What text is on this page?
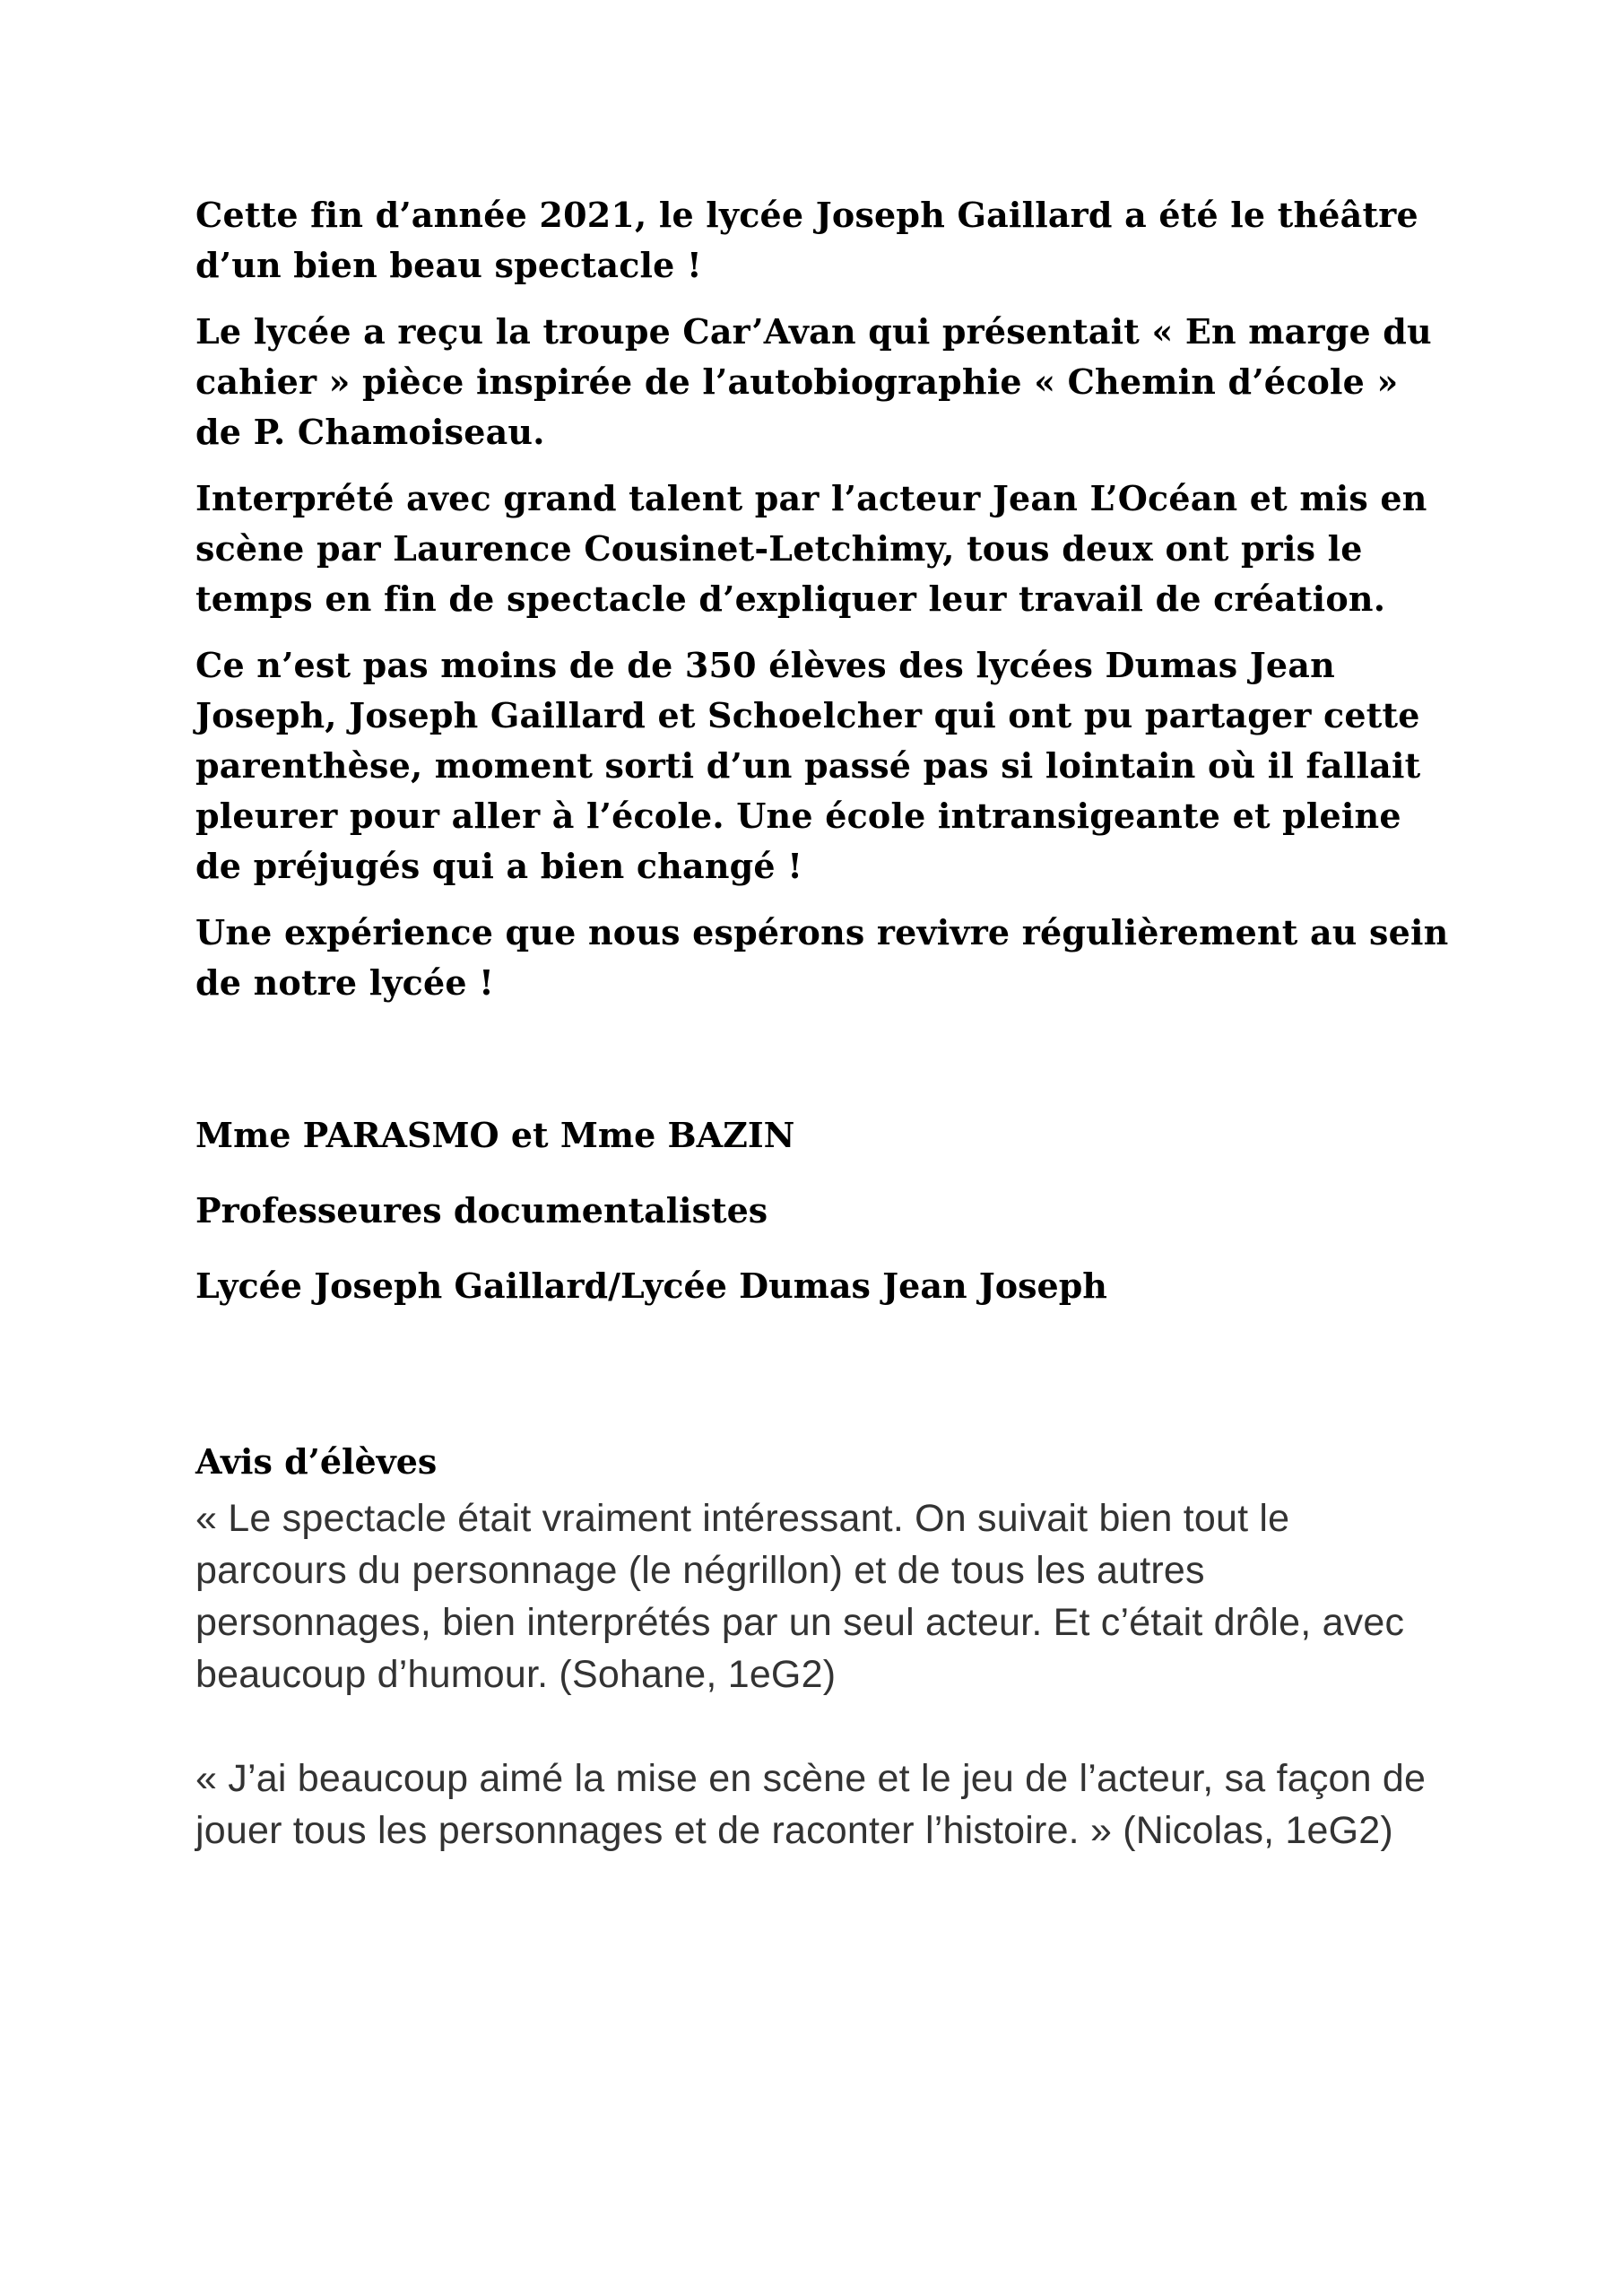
Cette fin d’année 2021, le lycée Joseph Gaillard a été le théâtre d’un bien beau spectacle !

Le lycée a reçu la troupe Car’Avan qui présentait « En marge du cahier » pièce inspirée de l’autobiographie « Chemin d’école » de P. Chamoiseau.

Interprété avec grand talent par l’acteur Jean L’Océan et mis en scène par Laurence Cousinet-Letchimy, tous deux ont pris le temps en fin de spectacle d’expliquer leur travail de création.

Ce n’est pas moins de de 350 élèves des lycées Dumas Jean Joseph, Joseph Gaillard et Schoelcher qui ont pu partager cette parenthèse, moment sorti d’un passé pas si lointain où il fallait pleurer pour aller à l’école. Une école intransigeante et pleine de préjugés qui a bien changé !

Une expérience que nous espérons revivre régulièrement au sein de notre lycée !

Mme PARASMO et Mme BAZIN

Professeures documentalistes

Lycée Joseph Gaillard/Lycée Dumas Jean Joseph

Avis d’élèves

« Le spectacle était vraiment intéressant. On suivait bien tout le parcours du personnage (le négrillon) et de tous les autres personnages, bien interprétés par un seul acteur. Et c’était drôle, avec beaucoup d’humour. (Sohane, 1eG2)

« J’ai beaucoup aimé la mise en scène et le jeu de l’acteur, sa façon de jouer tous les personnages et de raconter l’histoire. » (Nicolas, 1eG2)
